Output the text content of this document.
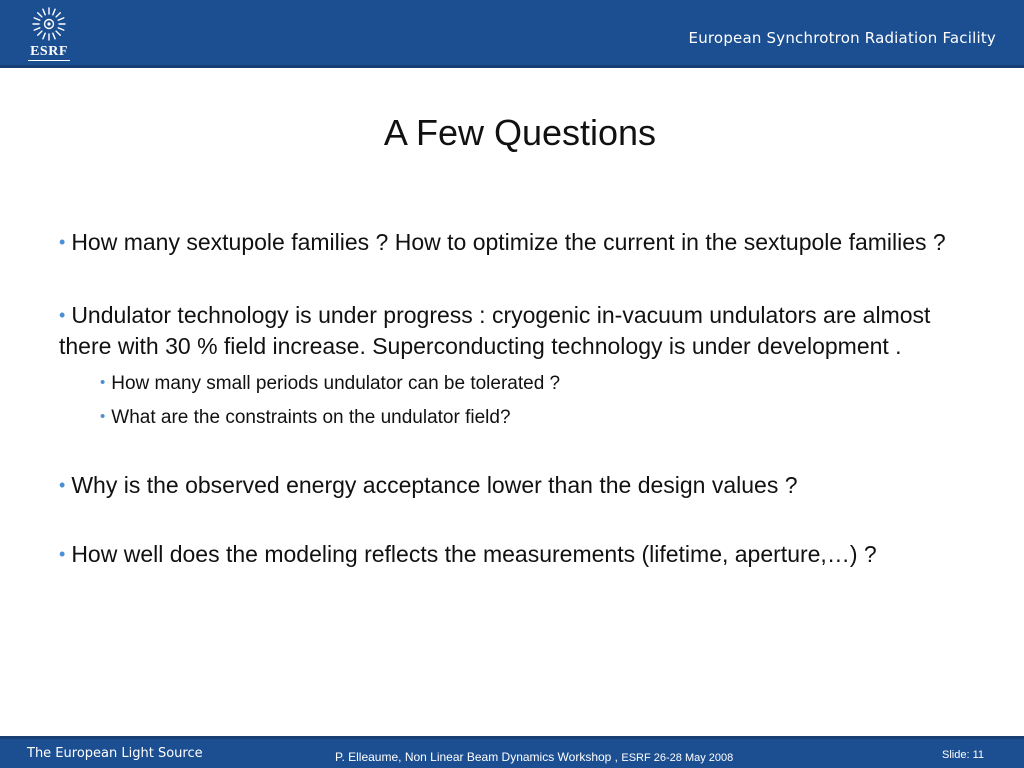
ESRF
European Synchrotron Radiation Facility
A Few Questions
• How many sextupole families ? How to optimize the current in the sextupole families ?
• Undulator technology is under progress : cryogenic in-vacuum undulators are almost there with 30 % field increase. Superconducting technology is under development .
• How many small periods undulator can be tolerated ?
• What are the constraints on the undulator field?
• Why is the observed energy acceptance lower than the design values ?
• How well does the modeling reflects the measurements (lifetime, aperture,…) ?
The European Light Source	P. Elleaume, Non Linear Beam Dynamics Workshop , ESRF 26-28 May 2008	Slide: 11
